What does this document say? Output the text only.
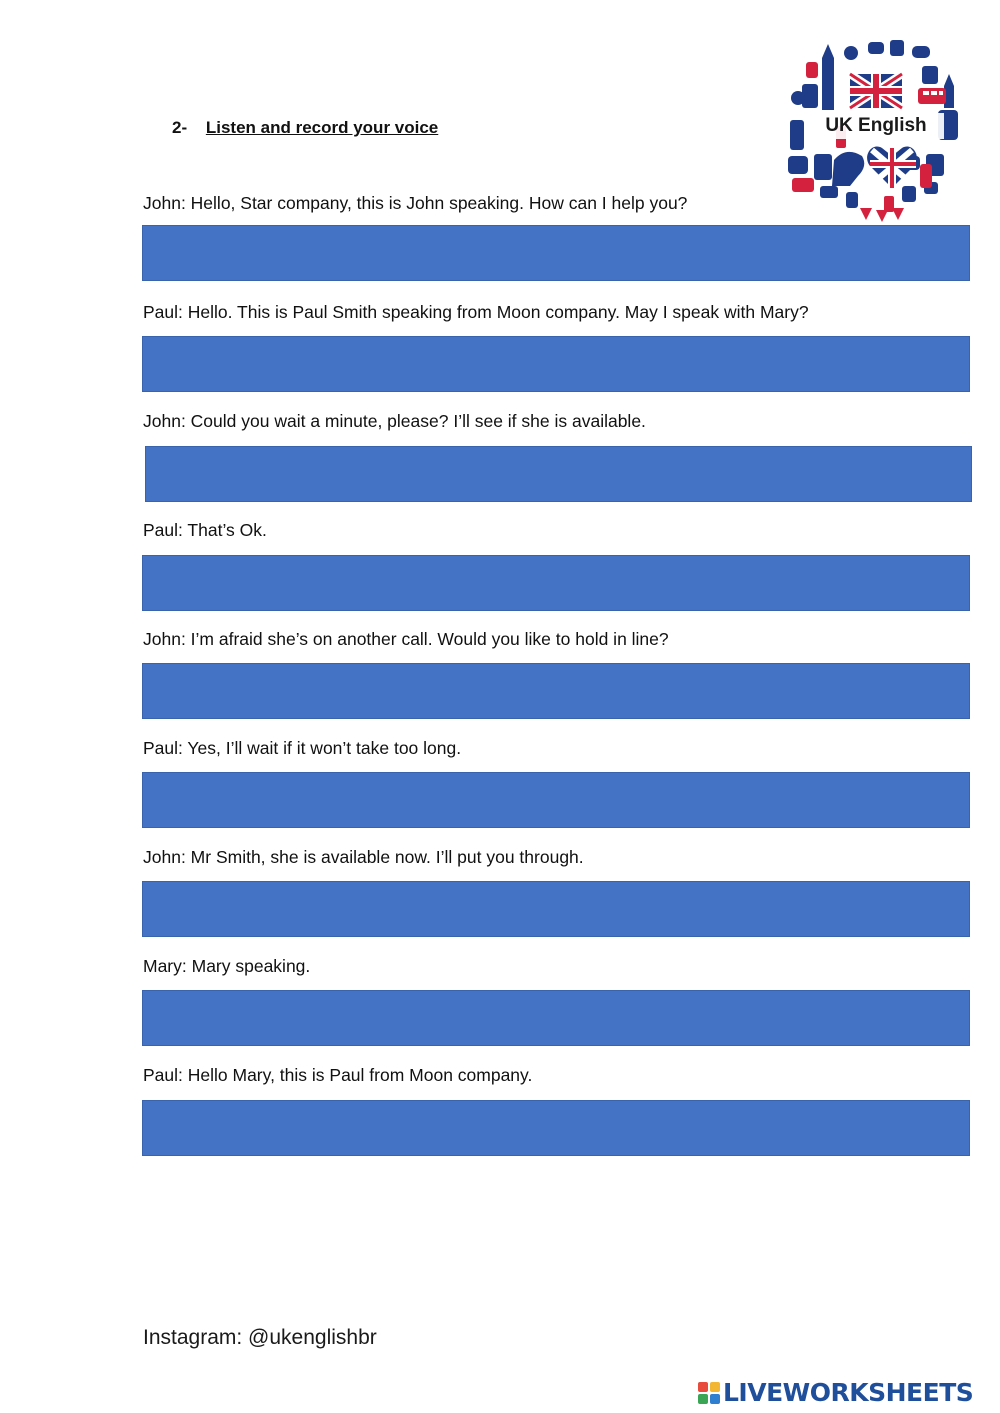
2- Listen and record your voice	UK English
John: Hello, Star company, this is John speaking. How can I help you?
Paul: Hello. This is Paul Smith speaking from Moon company. May I speak with Mary?
John: Could you wait a minute, please? I’ll see if she is available.
Paul: That’s Ok.
John: I’m afraid she’s on another call. Would you like to hold in line?
Paul: Yes, I’ll wait if it won’t take too long.
John: Mr Smith, she is available now. I’ll put you through.
Mary: Mary speaking.
Paul: Hello Mary, this is Paul from Moon company.
Instagram: @ukenglishbr
LIVEWORKSHEETS
